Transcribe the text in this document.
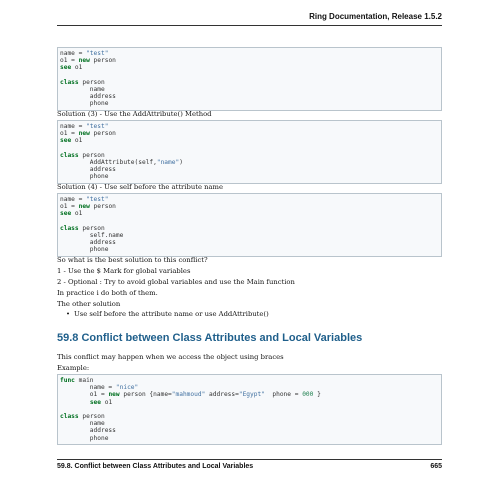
Ring Documentation, Release 1.5.2
name = "test"
o1 = new person
see o1

class person
name
address
phone
Solution (3) - Use the AddAttribute() Method
name = "test"
o1 = new person
see o1

class person
AddAttribute(self,"name")
address
phone
Solution (4) - Use self before the attribute name
name = "test"
o1 = new person
see o1

class person
self.name
address
phone
So what is the best solution to this conflict?
1 - Use the $ Mark for global variables
2 - Optional : Try to avoid global variables and use the Main function
In practice i do both of them.
The other solution
• Use self before the attribute name or use AddAttribute()
59.8 Conflict between Class Attributes and Local Variables
This conflict may happen when we access the object using braces
Example:
func main
name = "nice"
o1 = new person {name="mahmoud" address="Egypt"  phone = 000 }
see o1

class person
name
address
phone
59.8. Conflict between Class Attributes and Local Variables	665
